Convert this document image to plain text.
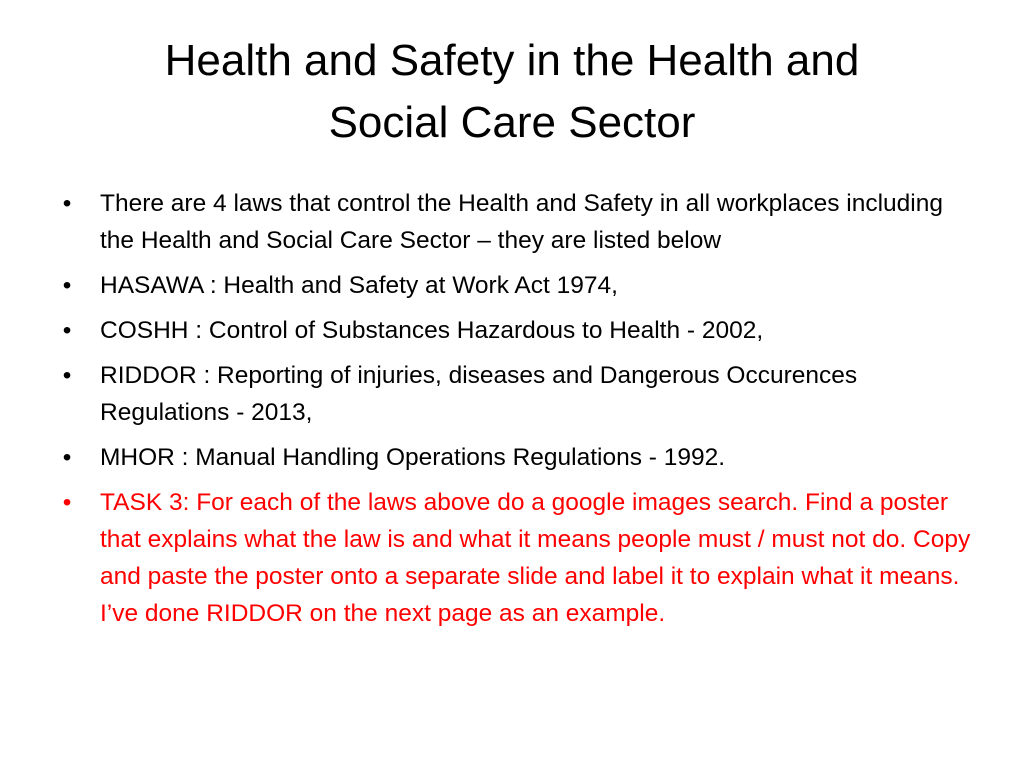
Health and Safety in the Health and
Social Care Sector
• There are 4 laws that control the Health and Safety in all workplaces including the Health and Social Care Sector – they are listed below
• HASAWA : Health and Safety at Work Act 1974,
• COSHH : Control of Substances Hazardous to Health - 2002,
• RIDDOR : Reporting of injuries, diseases and Dangerous Occurences Regulations - 2013,
• MHOR : Manual Handling Operations Regulations - 1992.
• TASK 3: For each of the laws above do a google images search. Find a poster that explains what the law is and what it means people must / must not do. Copy and paste the poster onto a separate slide and label it to explain what it means. I’ve done RIDDOR on the next page as an example.
